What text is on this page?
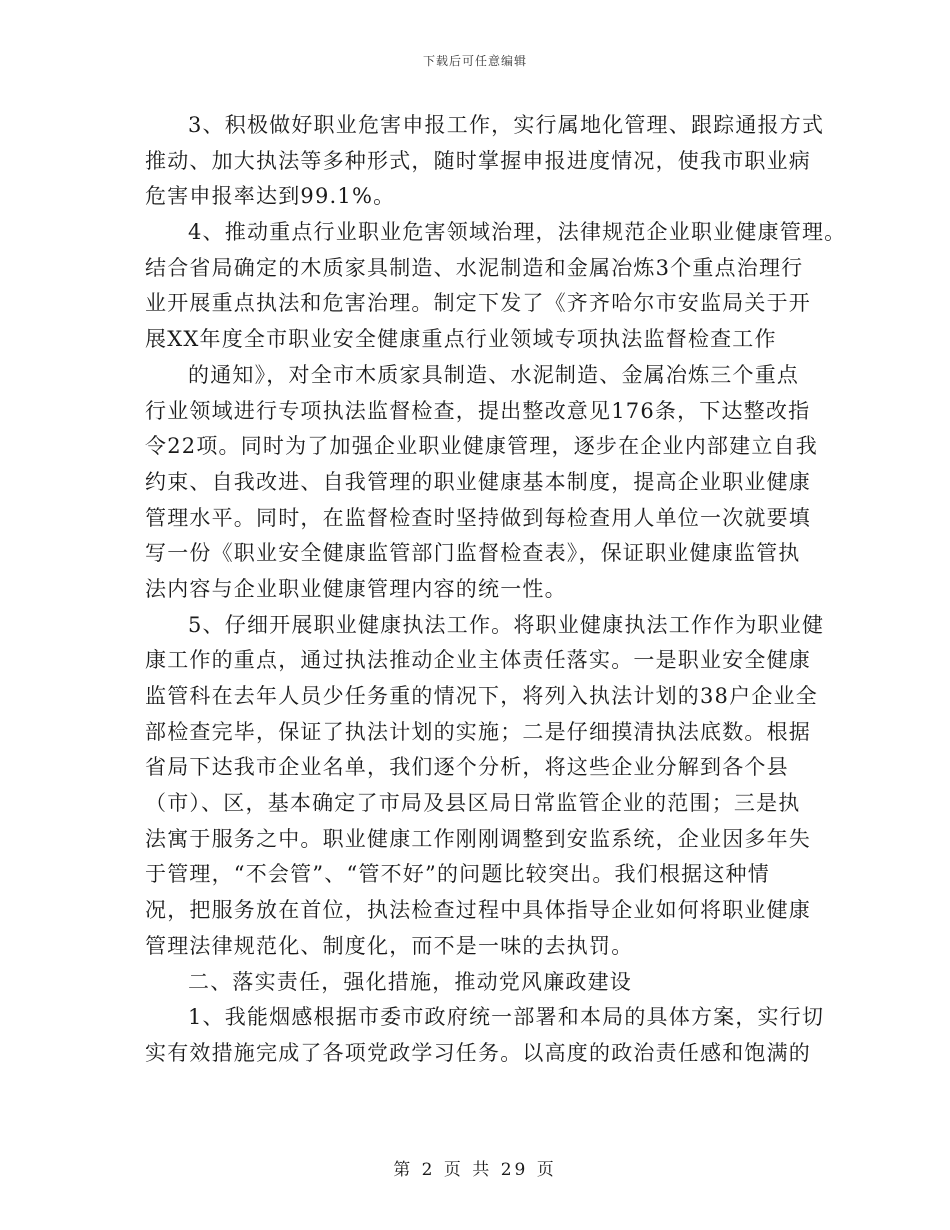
下载后可任意编辑
3、积极做好职业危害申报工作，实行属地化管理、跟踪通报方式
推动、加大执法等多种形式，随时掌握申报进度情况，使我市职业病
危害申报率达到99.1%。
4、推动重点行业职业危害领域治理，法律规范企业职业健康管理。
结合省局确定的木质家具制造、水泥制造和金属冶炼3个重点治理行
业开展重点执法和危害治理。制定下发了《齐齐哈尔市安监局关于开
展XX年度全市职业安全健康重点行业领域专项执法监督检查工作
的通知》，对全市木质家具制造、水泥制造、金属冶炼三个重点
行业领域进行专项执法监督检查，提出整改意见176条，下达整改指
令22项。同时为了加强企业职业健康管理，逐步在企业内部建立自我
约束、自我改进、自我管理的职业健康基本制度，提高企业职业健康
管理水平。同时，在监督检查时坚持做到每检查用人单位一次就要填
写一份《职业安全健康监管部门监督检查表》，保证职业健康监管执
法内容与企业职业健康管理内容的统一性。
5、仔细开展职业健康执法工作。将职业健康执法工作作为职业健
康工作的重点，通过执法推动企业主体责任落实。一是职业安全健康
监管科在去年人员少任务重的情况下，将列入执法计划的38户企业全
部检查完毕，保证了执法计划的实施；二是仔细摸清执法底数。根据
省局下达我市企业名单，我们逐个分析，将这些企业分解到各个县
（市）、区，基本确定了市局及县区局日常监管企业的范围；三是执
法寓于服务之中。职业健康工作刚刚调整到安监系统，企业因多年失
于管理，“不会管”、“管不好”的问题比较突出。我们根据这种情
况，把服务放在首位，执法检查过程中具体指导企业如何将职业健康
管理法律规范化、制度化，而不是一味的去执罚。
二、落实责任，强化措施，推动党风廉政建设
1、我能烟感根据市委市政府统一部署和本局的具体方案，实行切
实有效措施完成了各项党政学习任务。以高度的政治责任感和饱满的
第 2 页 共 29 页
